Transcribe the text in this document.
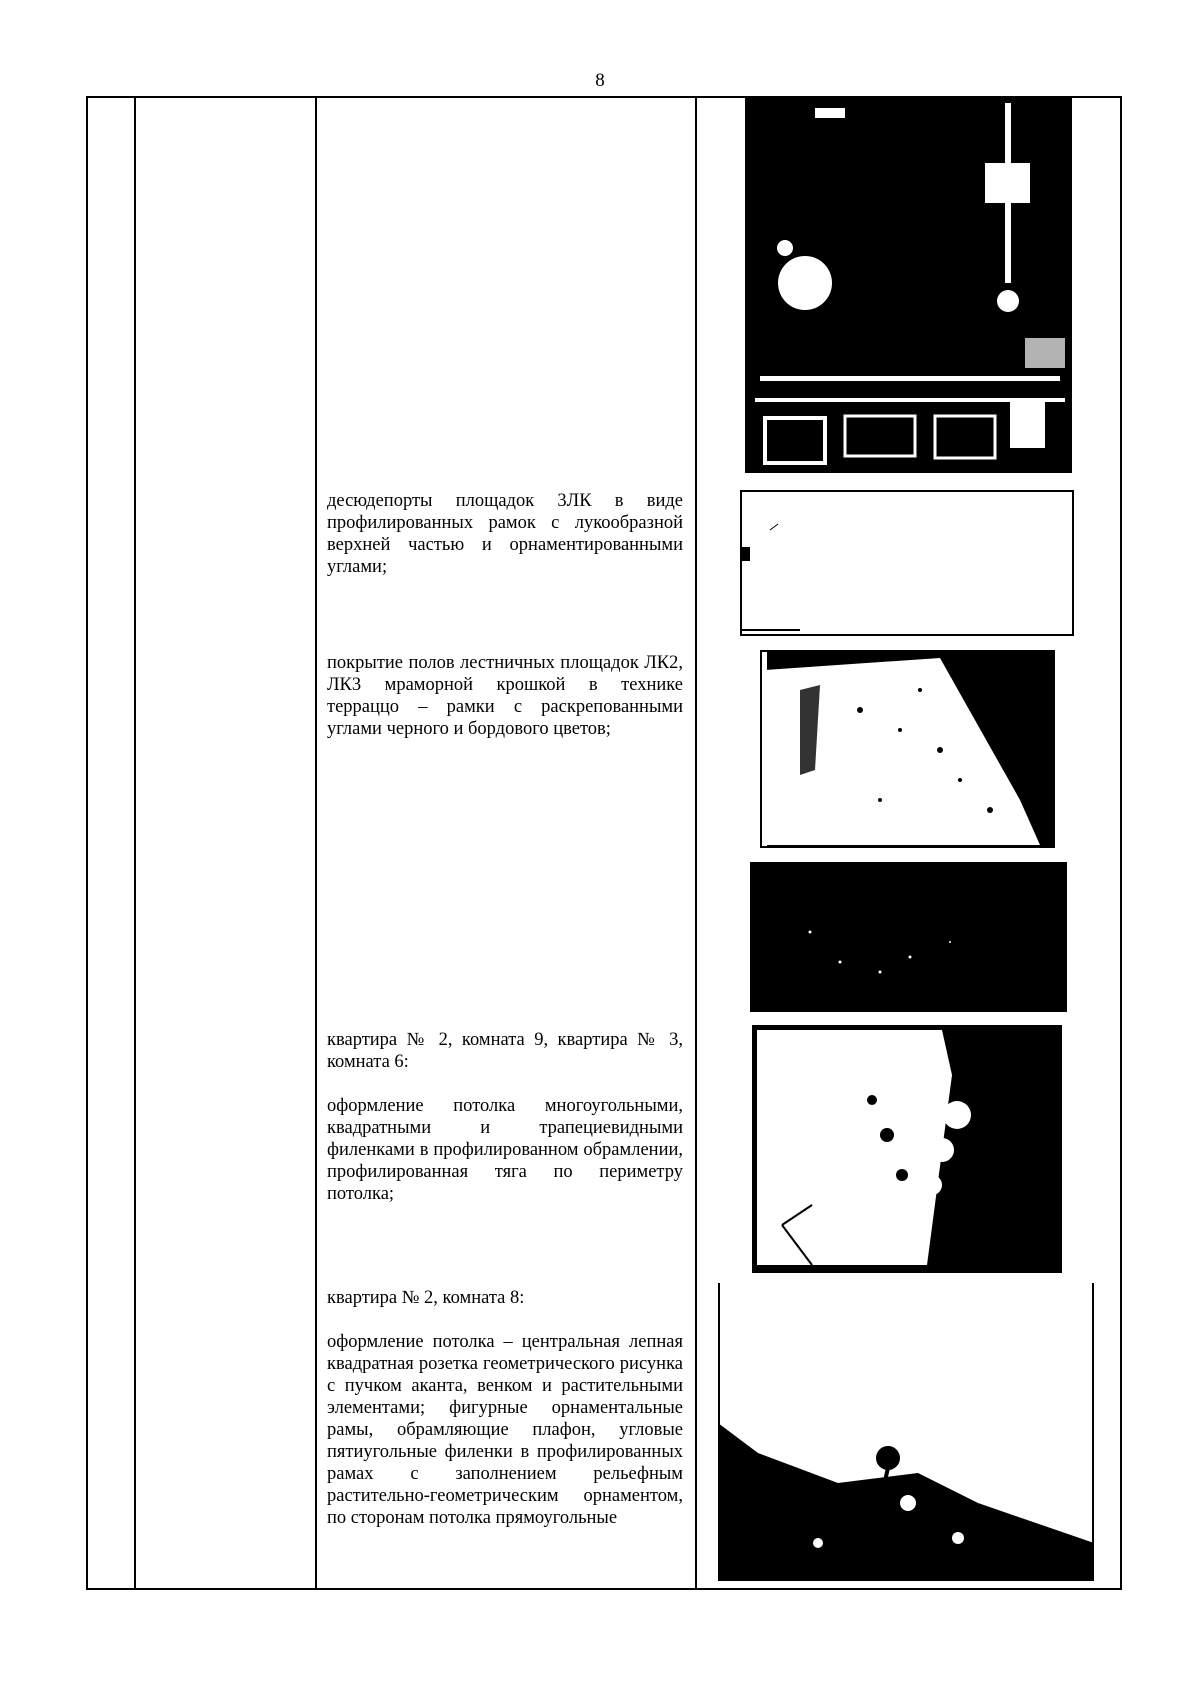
8

десюдепорты площадок 3ЛК в виде профилированных рамок с лукообразной верхней частью и орнаментированными углами;

покрытие полов лестничных площадок ЛК2, ЛК3 мраморной крошкой в технике терраццо – рамки с раскрепованными углами черного и бордового цветов;

квартира № 2, комната 9, квартира № 3, комната 6:

оформление потолка многоугольными, квадратными и трапециевидными филенками в профилированном обрамлении, профилированная тяга по периметру потолка;

квартира № 2, комната 8:

оформление потолка – центральная лепная квадратная розетка геометрического рисунка с пучком аканта, венком и растительными элементами; фигурные орнаментальные рамы, обрамляющие плафон, угловые пятиугольные филенки в профилированных рамах с заполнением рельефным растительно-геометрическим орнаментом, по сторонам потолка прямоугольные
